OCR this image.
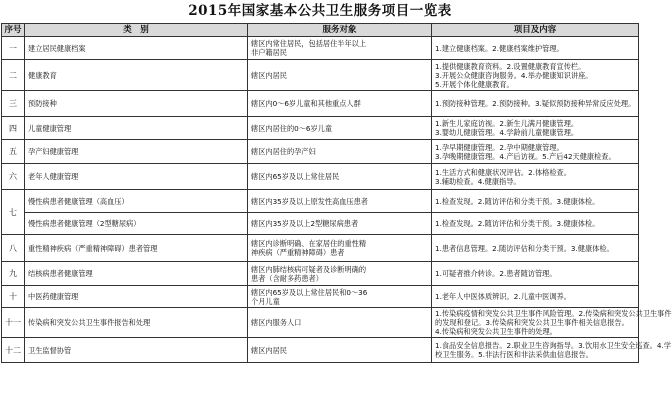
2015年国家基本公共卫生服务项目一览表
序号	类　别	服务对象	项目及内容
一	建立居民健康档案	辖区内常住居民，包括居住半年以上
非户籍居民	1.建立健康档案。2.健康档案维护管理。

二	健康教育	辖区内居民	1.提供健康教育资料。2.设置健康教育宣传栏。
3.开展公众健康咨询服务。4.举办健康知识讲座。
5.开展个体化健康教育。

三	预防接种	辖区内0～6岁儿童和其他重点人群	1.预防接种管理。2.预防接种。3.疑似预防接种异常反应处理。

四	儿童健康管理	辖区内居住的0～6岁儿童	1.新生儿家庭访视。2.新生儿满月健康管理。
3.婴幼儿健康管理。4.学龄前儿童健康管理。

五	孕产妇健康管理	辖区内居住的孕产妇	1.孕早期健康管理。2.孕中期健康管理。
3.孕晚期健康管理。4.产后访视。5.产后42天健康检查。

六	老年人健康管理	辖区内65岁及以上常住居民	1.生活方式和健康状况评估。2.体格检查。
3.辅助检查。4.健康指导。

七	慢性病患者健康管理（高血压）	辖区内35岁及以上原发性高血压患者	1.检查发现。2.随访评估和分类干预。3.健康体检。

	慢性病患者健康管理（2型糖尿病）	辖区内35岁及以上2型糖尿病患者	1.检查发现。2.随访评估和分类干预。3.健康体检。

八	重性精神疾病（严重精神障碍）患者管理	辖区内诊断明确、在家居住的重性精
神疾病（严重精神障碍）患者	1.患者信息管理。2.随访评估和分类干预。3.健康体检。

九	结核病患者健康管理	辖区内肺结核病可疑者及诊断明确的
患者（含耐多药患者）	1.可疑者推介转诊。2.患者随访管理。

十	中医药健康管理	辖区内65岁及以上常住居民和0～36
个月儿童	1.老年人中医体质辨识。2.儿童中医调养。

十一	传染病和突发公共卫生事件报告和处理	辖区内服务人口	1.传染病疫情和突发公共卫生事件风险管理。2.传染病和突发公共卫生事件
的发现和登记。3.传染病和突发公共卫生事件相关信息报告。
4.传染病和突发公共卫生事件的处理。

十二	卫生监督协管	辖区内居民	1.食品安全信息报告。2.职业卫生咨询指导。3.饮用水卫生安全巡查。4.学
校卫生服务。5.非法行医和非法采供血信息报告。
